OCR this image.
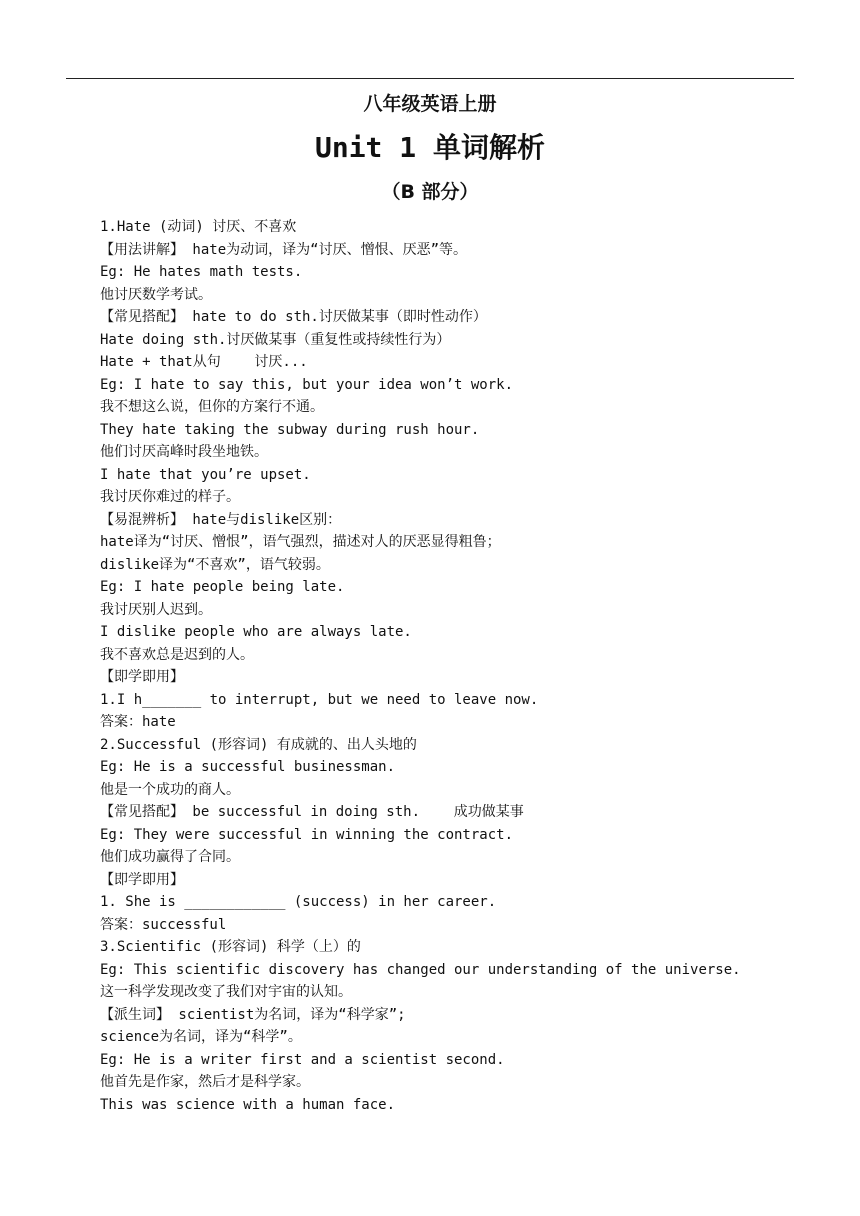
八年级英语上册
Unit 1 单词解析
（B 部分）
1.Hate (动词) 讨厌、不喜欢
【用法讲解】 hate为动词，译为“讨厌、憎恨、厌恶”等。
Eg: He hates math tests.
他讨厌数学考试。
【常见搭配】 hate to do sth.讨厌做某事（即时性动作）
Hate doing sth.讨厌做某事（重复性或持续性行为）
Hate + that从句    讨厌...
Eg: I hate to say this, but your idea won’t work.
我不想这么说，但你的方案行不通。
They hate taking the subway during rush hour.
他们讨厌高峰时段坐地铁。
I hate that you’re upset.
我讨厌你难过的样子。
【易混辨析】 hate与dislike区别：
hate译为“讨厌、憎恨”，语气强烈，描述对人的厌恶显得粗鲁；
dislike译为“不喜欢”，语气较弱。
Eg: I hate people being late.
我讨厌别人迟到。
I dislike people who are always late.
我不喜欢总是迟到的人。
【即学即用】
1.I h_______ to interrupt, but we need to leave now.
答案：hate
2.Successful (形容词) 有成就的、出人头地的
Eg: He is a successful businessman.
他是一个成功的商人。
【常见搭配】 be successful in doing sth.    成功做某事
Eg: They were successful in winning the contract.
他们成功赢得了合同。
【即学即用】
1. She is ____________ (success) in her career.
答案：successful
3.Scientific (形容词) 科学（上）的
Eg: This scientific discovery has changed our understanding of the universe.
这一科学发现改变了我们对宇宙的认知。
【派生词】 scientist为名词，译为“科学家”;
science为名词，译为“科学”。
Eg: He is a writer first and a scientist second.
他首先是作家，然后才是科学家。
This was science with a human face.
